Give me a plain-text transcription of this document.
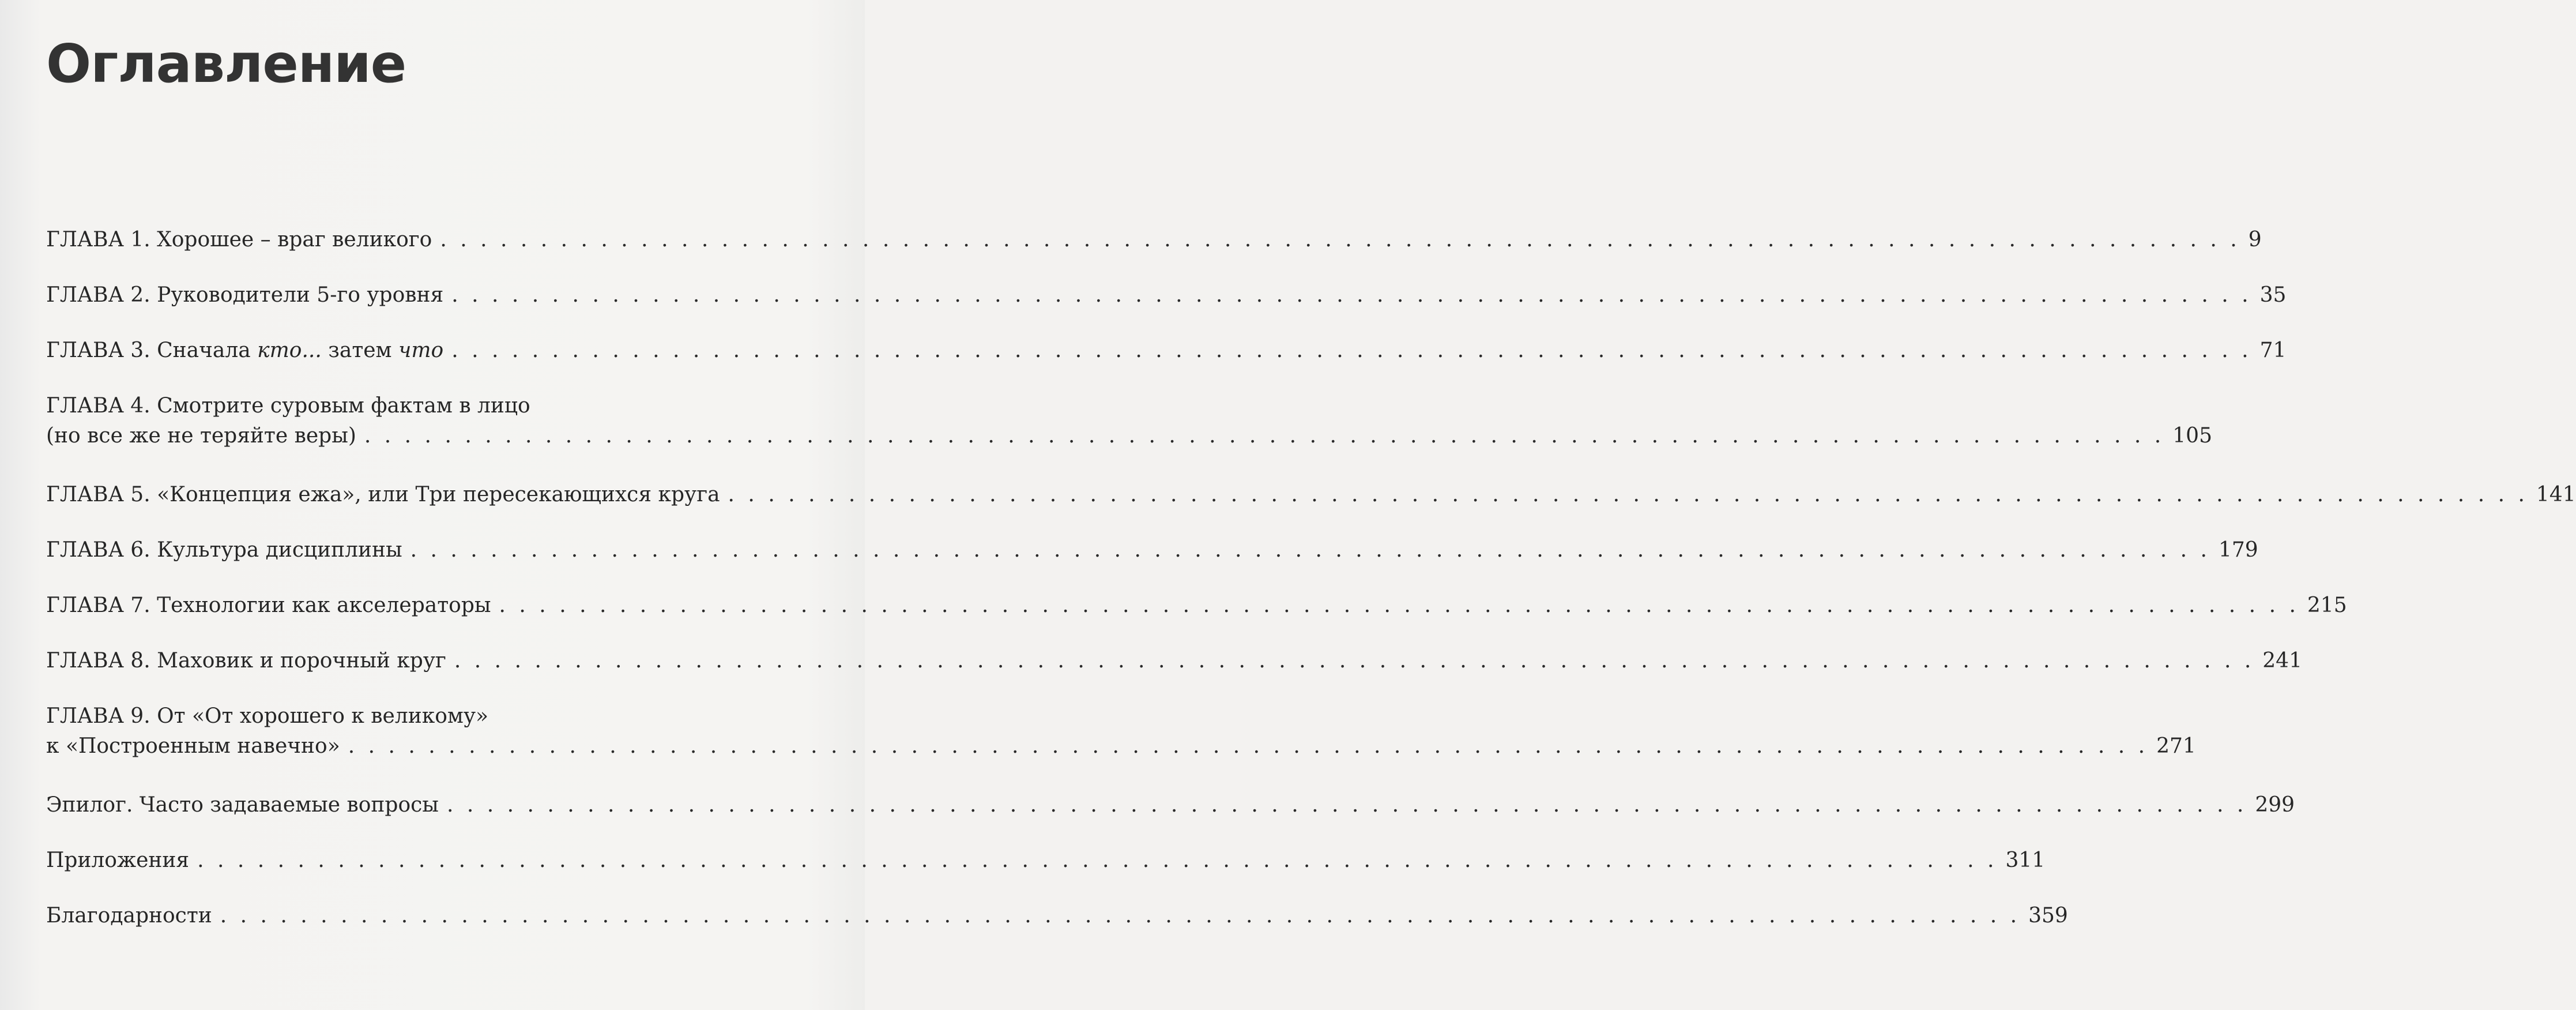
Оглавление
ГЛАВА 1. Хорошее – враг великого . . . . . . . . . . . . . . . . . . . . . . . . . . . . . . . . . . . . . . . . . . . . . . . . . . . . . . . . . . . . . . . . . . . . . . . . . . . . . . . . . . . . . . . . . . 9
ГЛАВА 2. Руководители 5-го уровня . . . . . . . . . . . . . . . . . . . . . . . . . . . . . . . . . . . . . . . . . . . . . . . . . . . . . . . . . . . . . . . . . . . . . . . . . . . . . . . . . . . . . . . . . . 35
ГЛАВА 3. Сначала кто... затем что . . . . . . . . . . . . . . . . . . . . . . . . . . . . . . . . . . . . . . . . . . . . . . . . . . . . . . . . . . . . . . . . . . . . . . . . . . . . . . . . . . . . . . . . . . 71
ГЛАВА 4. Смотрите суровым фактам в лицо
(но все же не теряйте веры) . . . . . . . . . . . . . . . . . . . . . . . . . . . . . . . . . . . . . . . . . . . . . . . . . . . . . . . . . . . . . . . . . . . . . . . . . . . . . . . . . . . . . . . . . . 105
ГЛАВА 5. «Концепция ежа», или Три пересекающихся круга . . . . . . . . . . . . . . . . . . . . . . . . . . . . . . . . . . . . . . . . . . . . . . . . . . . . . . . . . . . . . . . . . . . . . . . . . . . . . . . . . . . . . . . . . . 141
ГЛАВА 6. Культура дисциплины . . . . . . . . . . . . . . . . . . . . . . . . . . . . . . . . . . . . . . . . . . . . . . . . . . . . . . . . . . . . . . . . . . . . . . . . . . . . . . . . . . . . . . . . . . 179
ГЛАВА 7. Технологии как акселераторы . . . . . . . . . . . . . . . . . . . . . . . . . . . . . . . . . . . . . . . . . . . . . . . . . . . . . . . . . . . . . . . . . . . . . . . . . . . . . . . . . . . . . . . . . . 215
ГЛАВА 8. Маховик и порочный круг . . . . . . . . . . . . . . . . . . . . . . . . . . . . . . . . . . . . . . . . . . . . . . . . . . . . . . . . . . . . . . . . . . . . . . . . . . . . . . . . . . . . . . . . . . 241
ГЛАВА 9. От «От хорошего к великому»
к «Построенным навечно» . . . . . . . . . . . . . . . . . . . . . . . . . . . . . . . . . . . . . . . . . . . . . . . . . . . . . . . . . . . . . . . . . . . . . . . . . . . . . . . . . . . . . . . . . . 271
Эпилог. Часто задаваемые вопросы . . . . . . . . . . . . . . . . . . . . . . . . . . . . . . . . . . . . . . . . . . . . . . . . . . . . . . . . . . . . . . . . . . . . . . . . . . . . . . . . . . . . . . . . . . 299
Приложения . . . . . . . . . . . . . . . . . . . . . . . . . . . . . . . . . . . . . . . . . . . . . . . . . . . . . . . . . . . . . . . . . . . . . . . . . . . . . . . . . . . . . . . . . . 311
Благодарности . . . . . . . . . . . . . . . . . . . . . . . . . . . . . . . . . . . . . . . . . . . . . . . . . . . . . . . . . . . . . . . . . . . . . . . . . . . . . . . . . . . . . . . . . . 359
